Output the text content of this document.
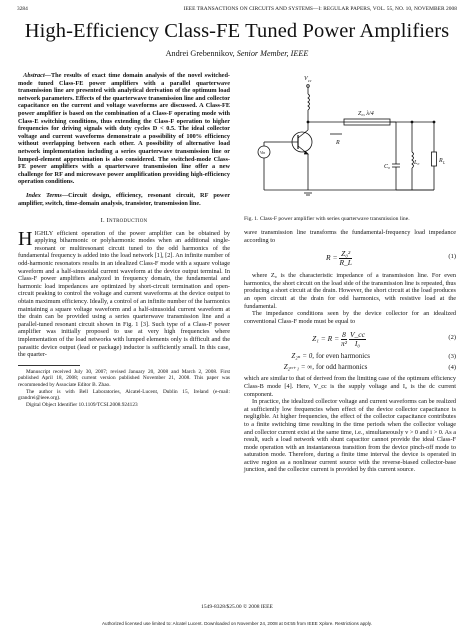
3284	IEEE TRANSACTIONS ON CIRCUITS AND SYSTEMS—I: REGULAR PAPERS, VOL. 55, NO. 10, NOVEMBER 2008
High-Efficiency Class-FE Tuned Power Amplifiers
Andrei Grebennikov, Senior Member, IEEE
Abstract—The results of exact time domain analysis of the novel switched-mode tuned Class-FE power amplifiers with a parallel quarterwave transmission line are presented with analytical derivation of the optimum load network parameters. Effects of the quarterwave transmission line and collector capacitance on the current and voltage waveforms are discussed. A Class-FE power amplifier is based on the combination of a Class-F operating mode with Class-E switching conditions, thus extending the Class-F operation to higher frequencies for driving signals with duty cycles D < 0.5. The ideal collector voltage and current waveforms demonstrate a possibility of 100% efficiency without overlapping between each other. A possibility of alternative load network implementation including a series quarterwave transmission line or lumped-element approximation is also considered. The switched-mode Class-FE power amplifiers with a quarterwave transmission line offer a new challenge for RF and microwave power amplification providing high-efficiency operation conditions.
Index Terms—Circuit design, efficiency, resonant circuit, RF power amplifier, switch, time-domain analysis, transistor, transmission line.
I. Introduction

HIGHLY efficient operation of the power amplifier can be obtained by applying biharmonic or polyharmonic modes when an additional single-resonant or multiresonant circuit tuned to the odd harmonics of the fundamental frequency is added into the load network [1], [2]. An infinite number of odd-harmonic resonators results in an idealized Class-F mode with a square voltage waveform and a half-sinusoidal current waveform at the device output terminal. In Class-F power amplifiers analyzed in frequency domain, the fundamental and harmonic load impedances are optimized by short-circuit termination and open-circuit peaking to control the voltage and current waveforms at the device output to obtain maximum efficiency. Ideally, a control of an infinite number of the harmonics maintaining a square voltage waveform and a half-sinusoidal current waveform at the drain can be provided using a series quarterwave transmission line and a parallel-tuned resonant circuit shown in Fig. 1 [3]. Such type of a Class-F power amplifier was initially proposed to use at very high frequencies where implementation of the load networks with lumped elements only is difficult and the parasitic device output (lead or package) inductor is sufficiently small. In this case, the quarter-

Manuscript received July 30, 2007; revised January 20, 2008 and March 2, 2008. First published April 18, 2008; current version published November 21, 2008. This paper was recommended by Associate Editor B. Zhao.

The author is with Bell Laboratories, Alcatel-Lucent, Dublin 15, Ireland (e-mail: grandrei@ieee.org).

Digital Object Identifier 10.1109/TCSI.2008.924123

V cc
Z₀, λ/4
C₀
L₀	R L
R
Vin
Fig. 1. Class-F power amplifier with series quarterwave transmission line.

wave transmission line transforms the fundamental-frequency load impedance according to

$R = \frac{\text{Z₀²}}{R\_L}$	(1)

where Z₀ is the characteristic impedance of a transmission line. For even harmonics, the short circuit on the load side of the transmission line is repeated, thus producing a short circuit at the drain. However, the short circuit at the load produces an open circuit at the drain for odd harmonics, with resistive load at the fundamental.

The impedance conditions seen by the device collector for an idealized conventional Class-F mode must be equal to

$Z_1 = R = \frac{8}{\text{π²}}$
$\frac{V\_cc}{\text{I₀}}$	(2)
Z₂ₙ = 0, for even harmonics	(3)
Z₂ₙ₊₁ = ∞, for odd harmonics	(4)

which are similar to that of derived from the limiting case of the optimum efficiency Class-B mode [4]. Here, V_cc is the supply voltage and I₀ is the dc current component.

In practice, the idealized collector voltage and current waveforms can be realized at sufficiently low frequencies when effect of the device collector capacitance is negligible. At higher frequencies, the effect of the collector capacitance contributes to a finite switching time resulting in the time periods when the collector voltage and collector current exist at the same time, i.e., simultaneously v > 0 and i > 0. As a result, such a load network with shunt capacitor cannot provide the ideal Class-F mode operation with an instantaneous transition from the device pinch-off mode to saturation mode. Therefore, during a finite time interval the device is operated in active region as a nonlinear current source with the reverse-biased collector-base junction, and the collector current is provided by this current source.

1549-8328/$25.00 © 2008 IEEE
Authorized licensed use limited to: Alcatel Lucent. Downloaded on November 24, 2008 at 04:55 from IEEE Xplore. Restrictions apply.
